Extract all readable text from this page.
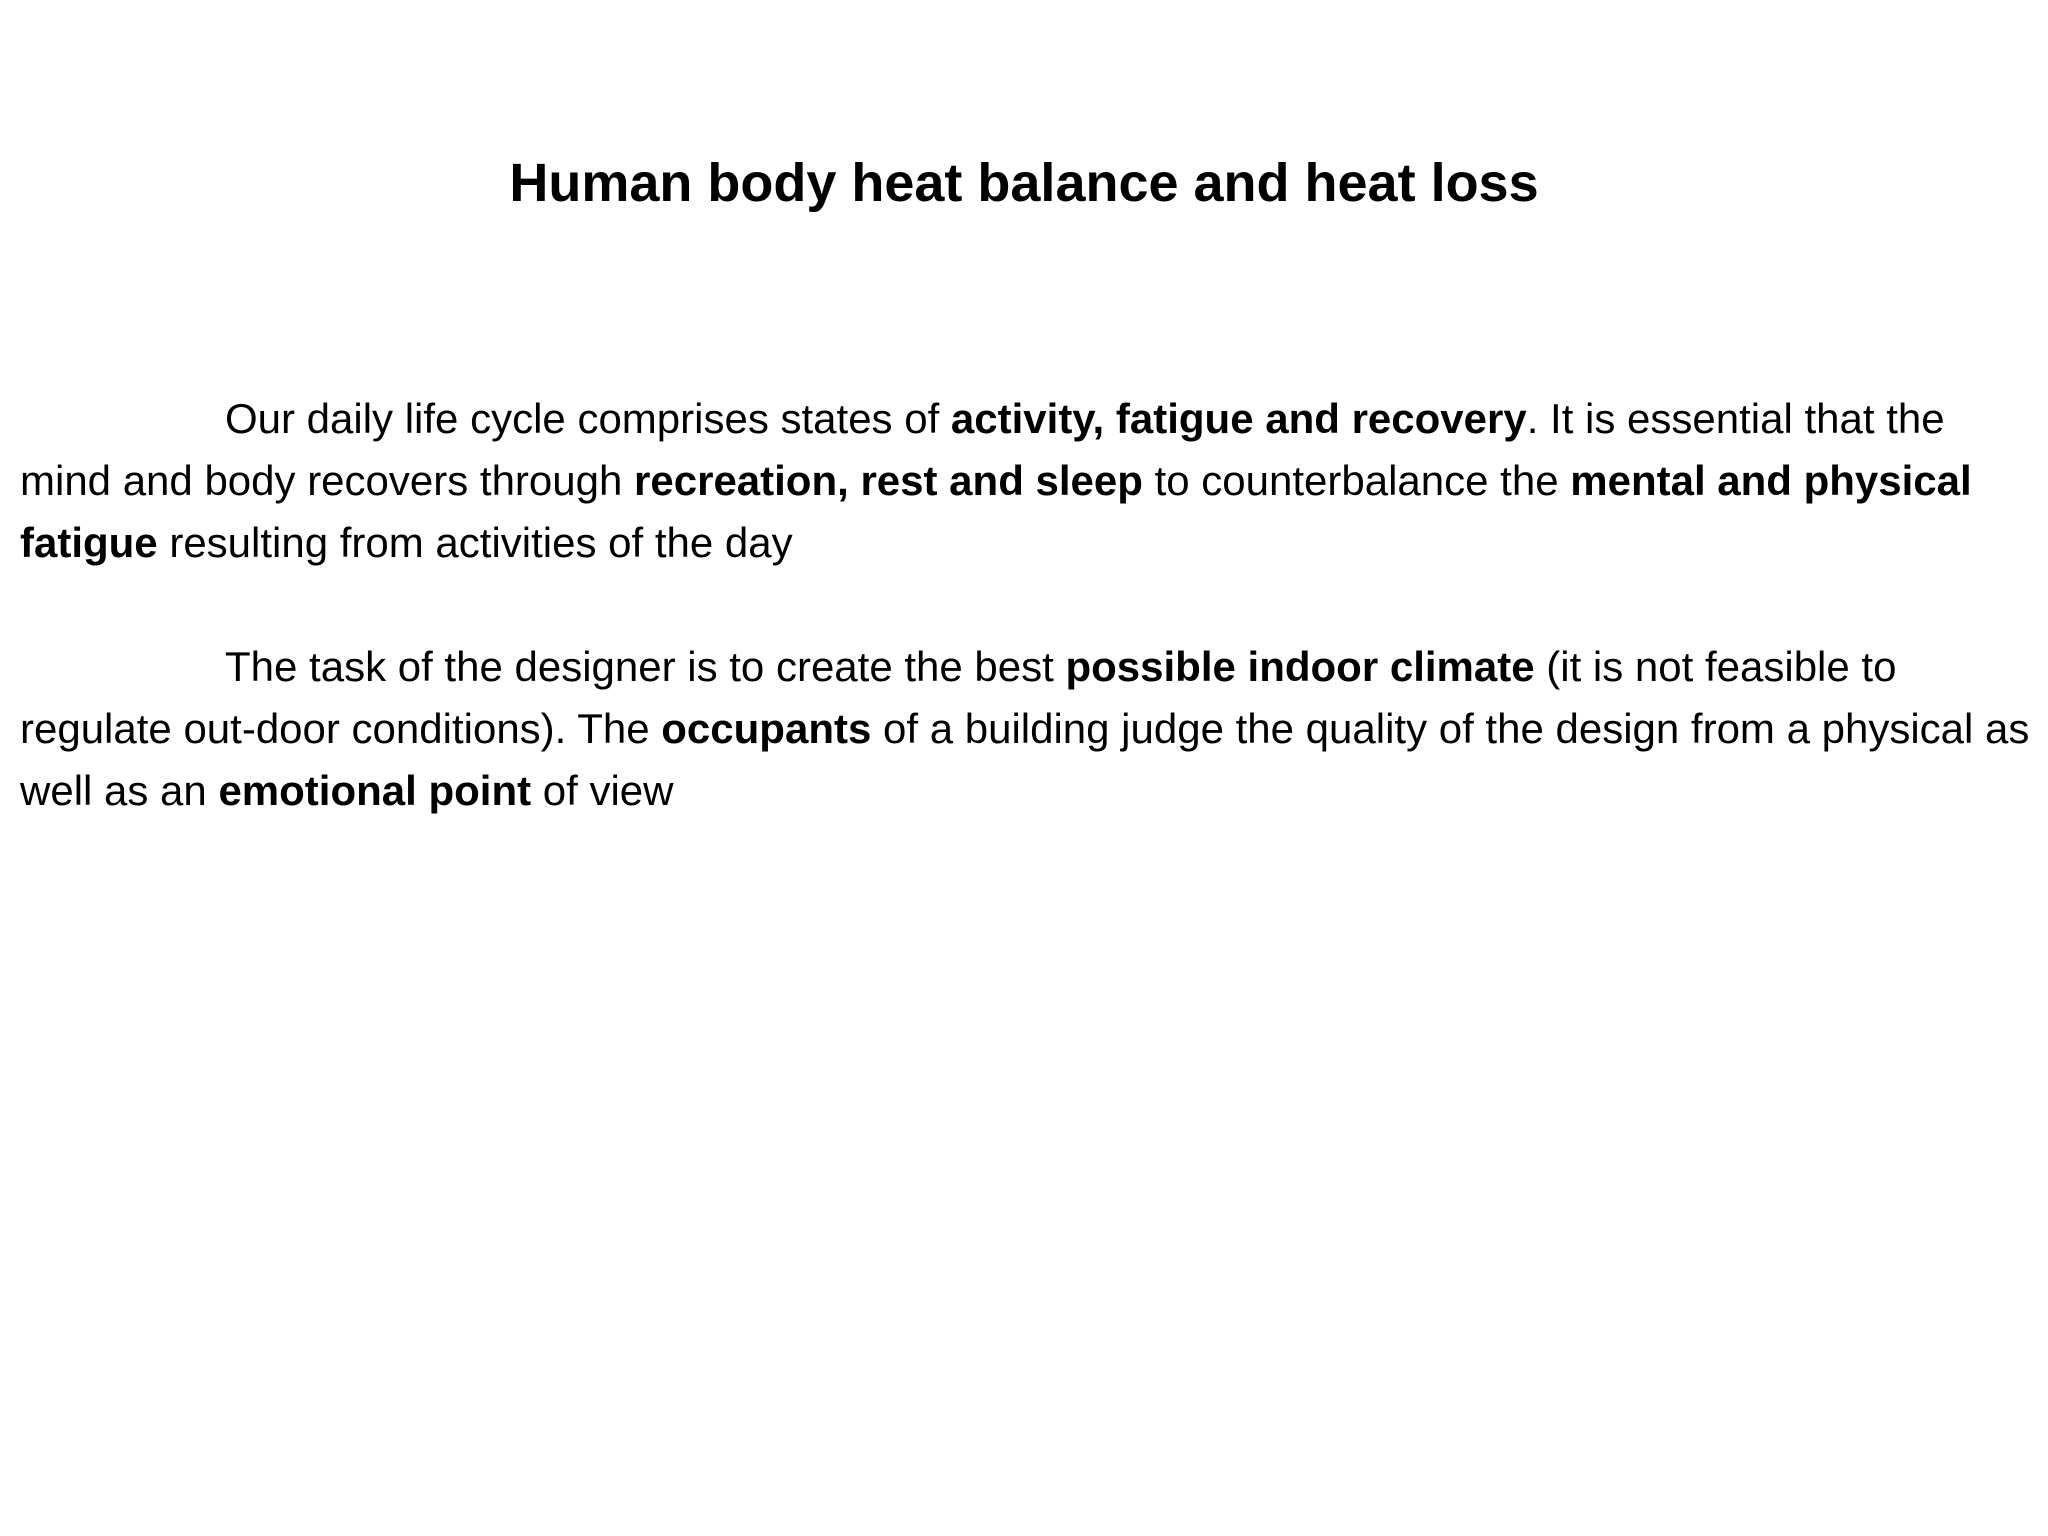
Human body heat balance and heat loss

Our daily life cycle comprises states of activity, fatigue and recovery. It is essential that the mind and body recovers through recreation, rest and sleep to counterbalance the mental and physical fatigue resulting from activities of the day

The task of the designer is to create the best possible indoor climate (it is not feasible to regulate out-door conditions). The occupants of a building judge the quality of the design from a physical as well as an emotional point of view
